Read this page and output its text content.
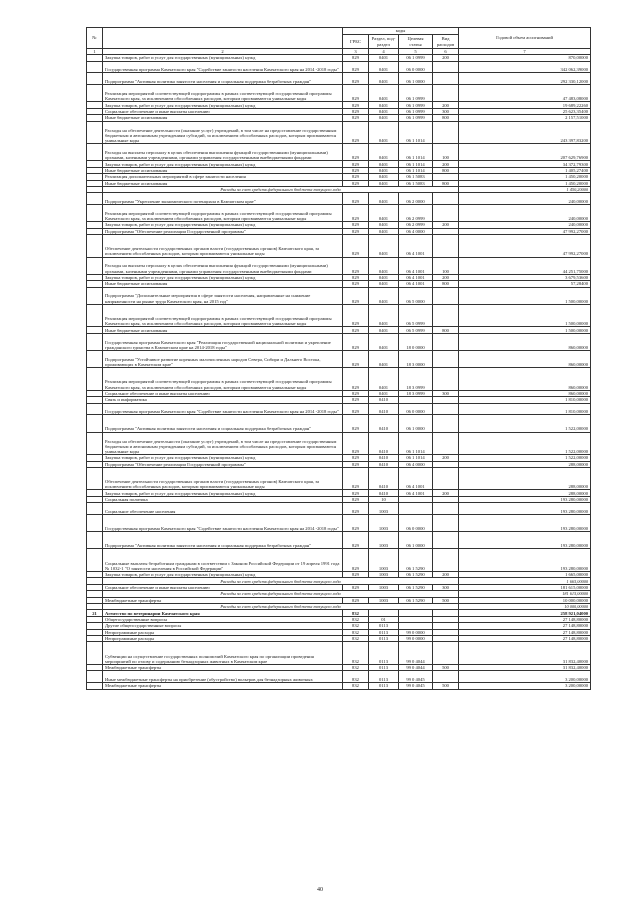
№		коды				Годовой объем ассигнований
		ГРБС	Раздел, под-раздел	Целевая статья	Вид расходов	
1	2	3	4	5	6	7
	Закупка товаров, работ и услуг для государственных (муниципальных) нужд	829	0401	06 1 0999	200	870,00000
	Государственная программа Камчатского края "Содействие занятости населения Камчатского края на 2014 -2018 годы"	829	0401	06 0 0000		342 062,39000
	Подпрограмма "Активная политика занятости населения и социальная поддержка безработных граждан"	829	0401	06 1 0000		292 330,12000
	Реализация мероприятий соответствующей подпрограммы в рамках соответствующей государственной программы Камчатского края, за исключением обособленных расходов, которым присваиваются уникальные коды	829	0401	06 1 0999		47 483,08000
	Закупка товаров, работ и услуг для государственных (муниципальных) нужд	829	0401	06 1 0999	200	19 689,22260
	Социальное обеспечение и иные выплаты населению	829	0401	06 1 0999	300	25 623,35400
	Иные бюджетные ассигнования	829	0401	06 1 0999	800	2 157,51000
	Расходы на обеспечение деятельности (оказание услуг) учреждений, в том числе на предоставление государственным бюджетным и автономным учреждениям субсидий, за исключением обособленных расходов, которым присваиваются уникальные коды	829	0401	06 1 1014		243 397,83200
	Расходы на выплаты персоналу в целях обеспечения выполнения функций государственными (муниципальными) органами, казенными учреждениями, органами управления государственными внебюджетными фондами	829	0401	06 1 1014	100	207 629,76900
	Закупка товаров, работ и услуг для государственных (муниципальных) нужд	829	0401	06 1 1014	200	34 372,79300
	Иные бюджетные ассигнования	829	0401	06 1 1014	800	1 405,27400
	Реализация дополнительных мероприятий в сфере занятости населения	829	0401	06 1 5083		1 450,20000
	Иные бюджетные ассигнования	829	0401	06 1 5083	800	1 450,20000
	Расходы за счет средств федерального бюджета текущего года					1 450,20000
	Подпрограмма "Укрепление экономического потенциала в Камчатском крае"	829	0401	06 2 0000		240,00000
	Реализация мероприятий соответствующей подпрограммы в рамках соответствующей государственной программы Камчатского края, за исключением обособленных расходов, которым присваиваются уникальные коды	829	0401	06 2 0999		240,00000
	Закупка товаров, работ и услуг для государственных (муниципальных) нужд	829	0401	06 2 0999	200	240,00000
	Подпрограмма "Обеспечение реализации Государственной программы"	829	0401	06 4 0000		47 992,27000
	Обеспечение деятельности государственных органов власти (государственных органов) Камчатского края, за исключением обособленных расходов, которым присваиваются уникальные коды	829	0401	06 4 1001		47 992,27000
	Расходы на выплаты персоналу в целях обеспечения выполнения функций государственными (муниципальными) органами, казенными учреждениями, органами управления государственными внебюджетными фондами	829	0401	06 4 1001	100	44 251,75000
	Закупка товаров, работ и услуг для государственных (муниципальных) нужд	829	0401	06 4 1001	200	3 679,53600
	Иные бюджетные ассигнования	829	0401	06 4 1001	800	57,28400
	Подпрограмма "Дополнительные мероприятия в сфере занятости населения, направленные на снижение напряженности на рынке труда Камчатского края, на 2015 год"	829	0401	06 5 0000		1 500,00000
	Реализация мероприятий соответствующей подпрограммы в рамках соответствующей государственной программы Камчатского края, за исключением обособленных расходов, которым присваиваются уникальные коды	829	0401	06 5 0999		1 500,00000
	Иные бюджетные ассигнования	829	0401	06 5 0999	800	1 500,00000
	Государственная программа Камчатского края "Реализация государственной национальной политики и укрепление гражданского единства в Камчатском крае на 2014-2018 годы"	829	0401	18 0 0000		860,00000
	Подпрограмма "Устойчивое развитие коренных малочисленных народов Севера, Сибири и Дальнего Востока, проживающих в Камчатском крае"	829	0401	18 3 0000		860,00000
	Реализация мероприятий соответствующей подпрограммы в рамках соответствующей государственной программы Камчатского края, за исключением обособленных расходов, которым присваиваются уникальные коды	829	0401	18 3 0999		860,00000
	Социальное обеспечение и иные выплаты населению	829	0401	18 3 0999	300	860,00000
	Связь и информатика	829	0410			1 810,00000
	Государственная программа Камчатского края "Содействие занятости населения Камчатского края на 2014 -2018 годы"	829	0410	06 0 0000		1 810,00000
	Подпрограмма "Активная политика занятости населения и социальная поддержка безработных граждан"	829	0410	06 1 0000		1 522,00000
	Расходы на обеспечение деятельности (оказание услуг) учреждений, в том числе на предоставление государственным бюджетным и автономным учреждениям субсидий, за исключением обособленных расходов, которым присваиваются уникальные коды	829	0410	06 1 1014		1 522,00000
	Закупка товаров, работ и услуг для государственных (муниципальных) нужд	829	0410	06 1 1014	200	1 522,00000
	Подпрограмма "Обеспечение реализации Государственной программы"	829	0410	06 4 0000		288,00000
	Обеспечение деятельности государственных органов власти (государственных органов) Камчатского края, за исключением обособленных расходов, которым присваиваются уникальные коды	829	0410	06 4 1001		288,00000
	Закупка товаров, работ и услуг для государственных (муниципальных) нужд	829	0410	06 4 1001	200	288,00000
	Социальная политика	829	10			193 280,00000
	Социальное обеспечение населения	829	1003			193 280,00000
	Государственная программа Камчатского края "Содействие занятости населения Камчатского края на 2014 -2018 годы"	829	1003	06 0 0000		193 280,00000
	Подпрограмма "Активная политика занятости населения и социальная поддержка безработных граждан"	829	1003	06 1 0000		193 280,00000
	Социальные выплаты безработным гражданам в соответствии с Законом Российской Федерации от 19 апреля 1991 года № 1032-1 "О занятости населения в Российской Федерации"	829	1003	06 1 5290		193 280,00000
	Закупка товаров, работ и услуг для государственных (муниципальных) нужд	829	1003	06 1 5290	200	1 665,00000
	Расходы за счет средств федерального бюджета текущего года					1 665,00000
	Социальное обеспечение и иные выплаты населению	829	1003	06 1 5290	300	181 615,00000
	Расходы за счет средств федерального бюджета текущего года					181 615,00000
	Межбюджетные трансферты	829	1003	06 1 5290	500	10 000,00000
	Расходы за счет средств федерального бюджета текущего года					10 000,00000
21	Агентство по ветеринарии Камчатского края	832				258 921,04000
	Общегосударственные вопросы	832	01			27 148,80000
	Другие общегосударственные вопросы	832	0113			27 148,80000
	Непрограммные расходы	832	0113	99 0 0000		27 148,80000
	Непрограммные расходы	832	0113	99 0 0000		27 148,80000
	Субвенции на осуществление государственных полномочий Камчатского края по организации проведения мероприятий по отлову и содержанию безнадзорных животных в Камчатском крае	832	0113	99 0 4044		31 832,40000
	Межбюджетные трансферты	832	0113	99 0 4044	500	31 832,40000
	Иные межбюджетные трансферты на приобретение (обустройство) вольеров для безнадзорных животных	832	0113	99 0 4045		3 200,00000
	Межбюджетные трансферты	832	0113	99 0 4045	500	3 200,00000
40
